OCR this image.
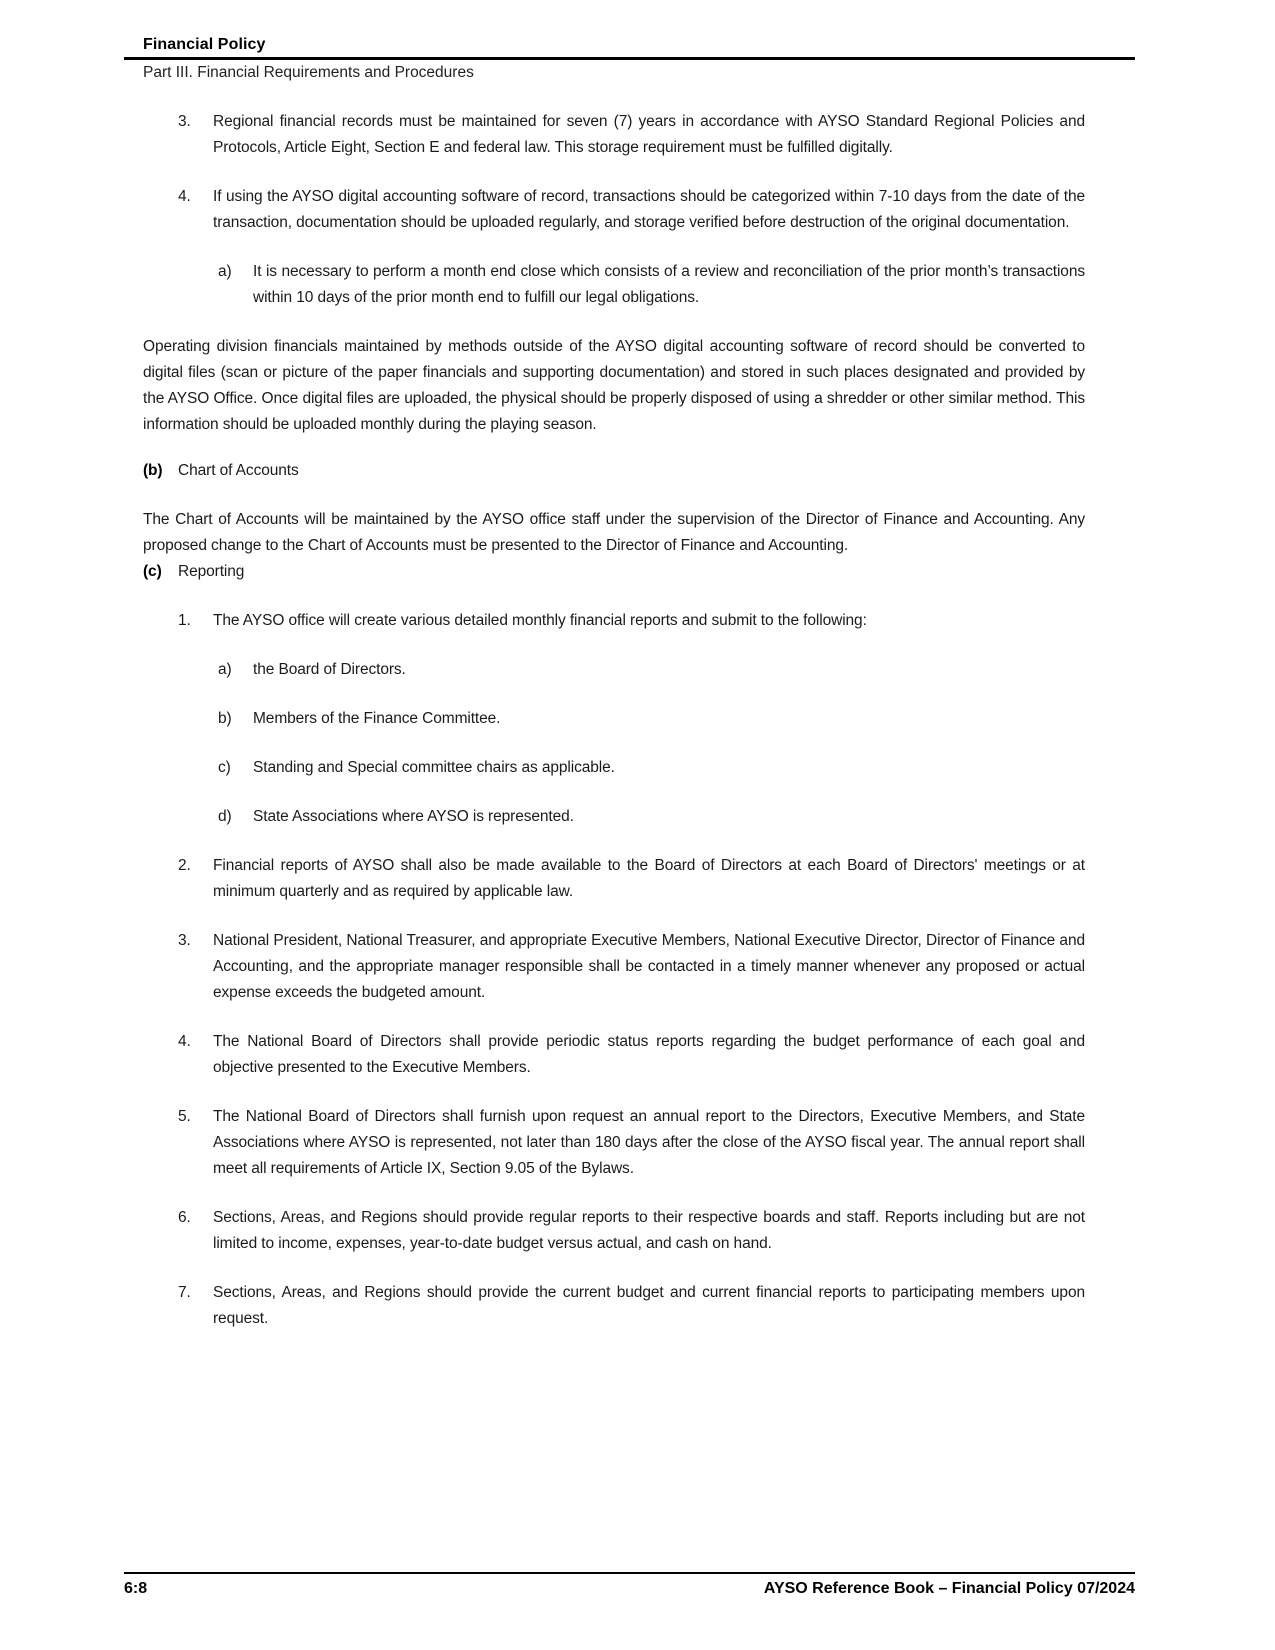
Financial Policy
Part III. Financial Requirements and Procedures
3.	Regional financial records must be maintained for seven (7) years in accordance with AYSO Standard Regional Policies and Protocols, Article Eight, Section E and federal law. This storage requirement must be fulfilled digitally.

4.	If using the AYSO digital accounting software of record, transactions should be categorized within 7-10 days from the date of the transaction, documentation should be uploaded regularly, and storage verified before destruction of the original documentation.

a)	It is necessary to perform a month end close which consists of a review and reconciliation of the prior month’s transactions within 10 days of the prior month end to fulfill our legal obligations.

Operating division financials maintained by methods outside of the AYSO digital accounting software of record should be converted to digital files (scan or picture of the paper financials and supporting documentation) and stored in such places designated and provided by the AYSO Office. Once digital files are uploaded, the physical should be properly disposed of using a shredder or other similar method. This information should be uploaded monthly during the playing season.

(b)	Chart of Accounts

The Chart of Accounts will be maintained by the AYSO office staff under the supervision of the Director of Finance and Accounting. Any proposed change to the Chart of Accounts must be presented to the Director of Finance and Accounting.

(c)	Reporting
1.	The AYSO office will create various detailed monthly financial reports and submit to the following:

a)	the Board of Directors.

b)	Members of the Finance Committee.

c)	Standing and Special committee chairs as applicable.

d)	State Associations where AYSO is represented.

2.	Financial reports of AYSO shall also be made available to the Board of Directors at each Board of Directors' meetings or at minimum quarterly and as required by applicable law.

3.	National President, National Treasurer, and appropriate Executive Members, National Executive Director, Director of Finance and Accounting, and the appropriate manager responsible shall be contacted in a timely manner whenever any proposed or actual expense exceeds the budgeted amount.

4.	The National Board of Directors shall provide periodic status reports regarding the budget performance of each goal and objective presented to the Executive Members.

5.	The National Board of Directors shall furnish upon request an annual report to the Directors, Executive Members, and State Associations where AYSO is represented, not later than 180 days after the close of the AYSO fiscal year. The annual report shall meet all requirements of Article IX, Section 9.05 of the Bylaws.

6.	Sections, Areas, and Regions should provide regular reports to their respective boards and staff. Reports including but are not limited to income, expenses, year-to-date budget versus actual, and cash on hand.

7.	Sections, Areas, and Regions should provide the current budget and current financial reports to participating members upon request.

6:8	AYSO Reference Book – Financial Policy 07/2024
